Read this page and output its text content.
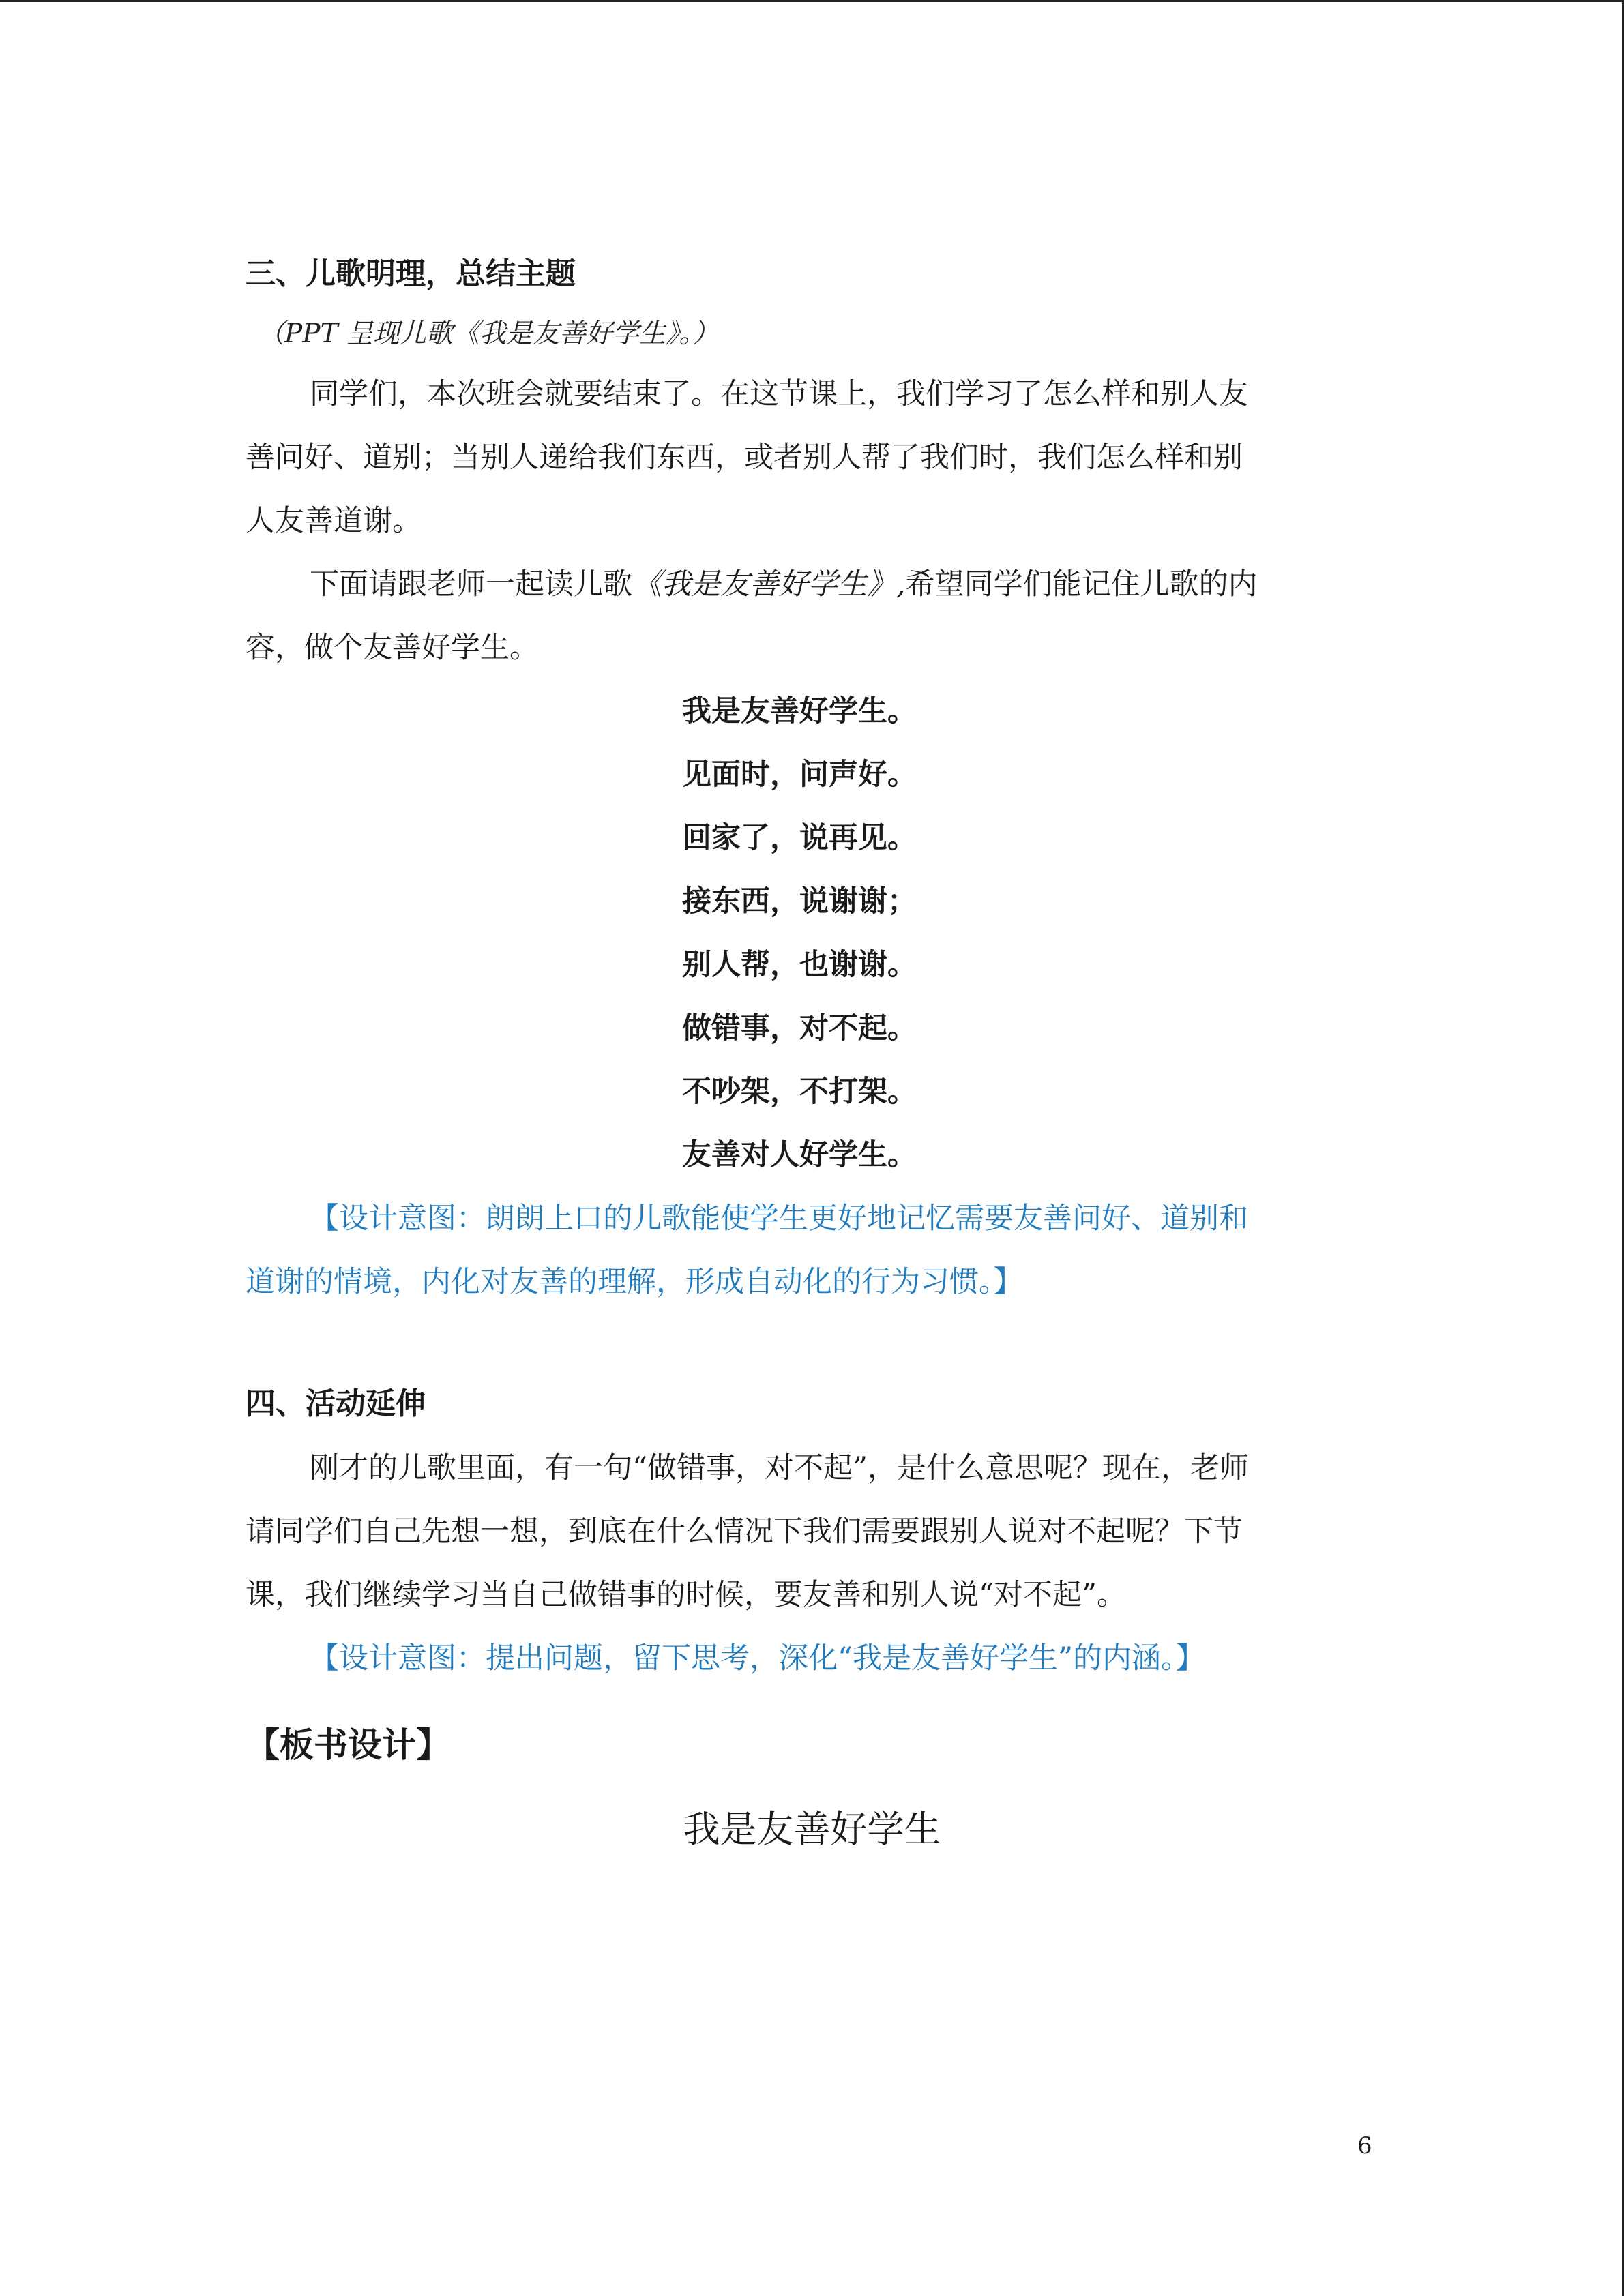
三、儿歌明理，总结主题
（PPT 呈现儿歌《我是友善好学生》。）
同学们，本次班会就要结束了。在这节课上，我们学习了怎么样和别人友
善问好、道别；当别人递给我们东西，或者别人帮了我们时，我们怎么样和别
人友善道谢。
下面请跟老师一起读儿歌《我是友善好学生》,希望同学们能记住儿歌的内
容，做个友善好学生。
我是友善好学生。
见面时，问声好。
回家了，说再见。
接东西，说谢谢；
别人帮，也谢谢。
做错事，对不起。
不吵架，不打架。
友善对人好学生。
【设计意图：朗朗上口的儿歌能使学生更好地记忆需要友善问好、道别和
道谢的情境，内化对友善的理解，形成自动化的行为习惯。】
四、活动延伸
刚才的儿歌里面，有一句“做错事，对不起”，是什么意思呢？现在，老师
请同学们自己先想一想，到底在什么情况下我们需要跟别人说对不起呢？下节
课，我们继续学习当自己做错事的时候，要友善和别人说“对不起”。
【设计意图：提出问题，留下思考，深化“我是友善好学生”的内涵。】
【板书设计】
我是友善好学生
6
